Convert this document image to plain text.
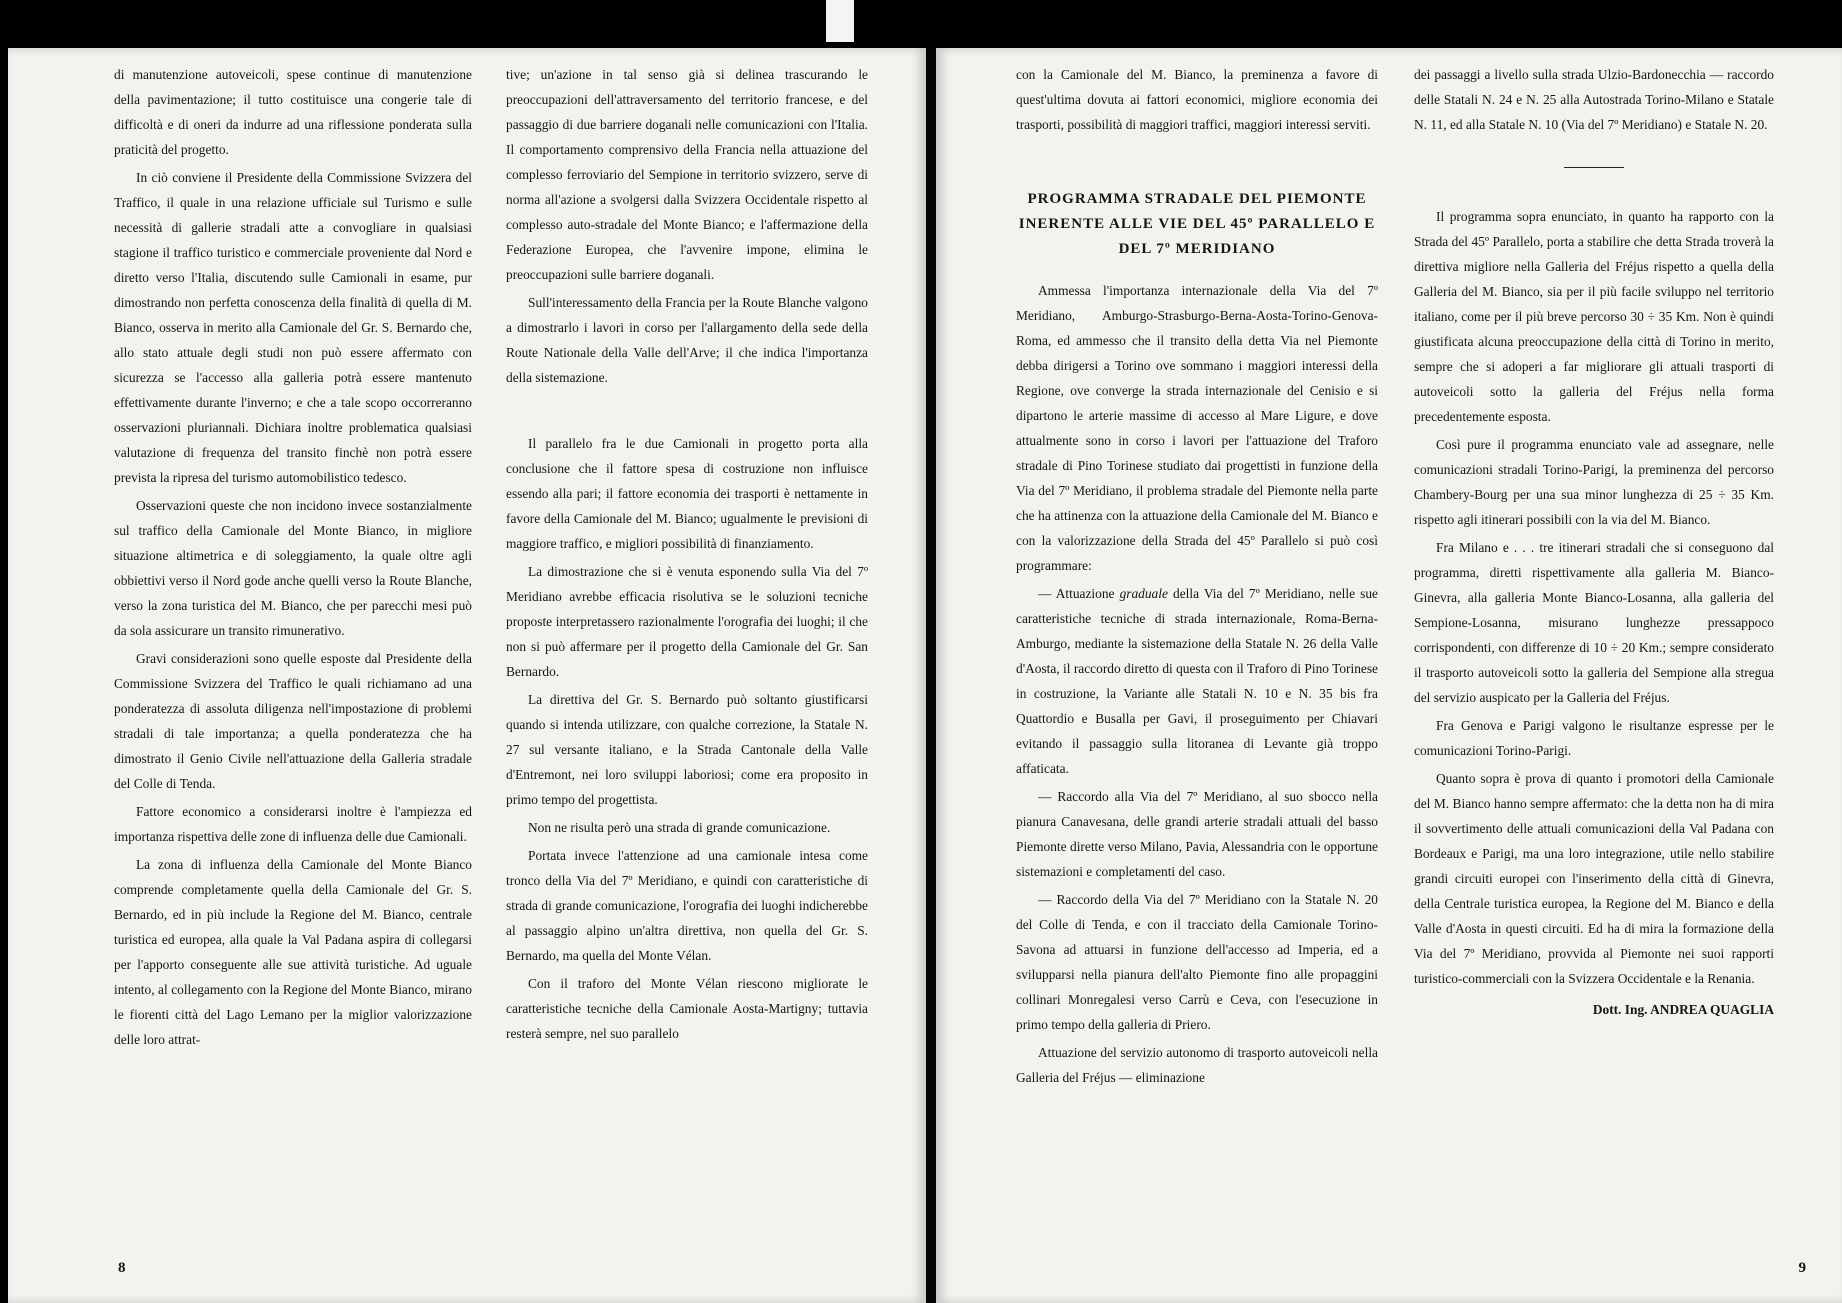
di manutenzione autoveicoli, spese continue di manutenzione della pavimentazione; il tutto costituisce una congerie tale di difficoltà e di oneri da indurre ad una riflessione ponderata sulla praticità del progetto.

In ciò conviene il Presidente della Commissione Svizzera del Traffico, il quale in una relazione ufficiale sul Turismo e sulle necessità di gallerie stradali atte a convogliare in qualsiasi stagione il traffico turistico e commerciale proveniente dal Nord e diretto verso l'Italia, discutendo sulle Camionali in esame, pur dimostrando non perfetta conoscenza della finalità di quella di M. Bianco, osserva in merito alla Camionale del Gr. S. Bernardo che, allo stato attuale degli studi non può essere affermato con sicurezza se l'accesso alla galleria potrà essere mantenuto effettivamente durante l'inverno; e che a tale scopo occorreranno osservazioni pluriannali. Dichiara inoltre problematica qualsiasi valutazione di frequenza del transito finchè non potrà essere prevista la ripresa del turismo automobilistico tedesco.

Osservazioni queste che non incidono invece sostanzialmente sul traffico della Camionale del Monte Bianco, in migliore situazione altimetrica e di soleggiamento, la quale oltre agli obbiettivi verso il Nord gode anche quelli verso la Route Blanche, verso la zona turistica del M. Bianco, che per parecchi mesi può da sola assicurare un transito rimunerativo.

Gravi considerazioni sono quelle esposte dal Presidente della Commissione Svizzera del Traffico le quali richiamano ad una ponderatezza di assoluta diligenza nell'impostazione di problemi stradali di tale importanza; a quella ponderatezza che ha dimostrato il Genio Civile nell'attuazione della Galleria stradale del Colle di Tenda.

Fattore economico a considerarsi inoltre è l'ampiezza ed importanza rispettiva delle zone di influenza delle due Camionali.

La zona di influenza della Camionale del Monte Bianco comprende completamente quella della Camionale del Gr. S. Bernardo, ed in più include la Regione del M. Bianco, centrale turistica ed europea, alla quale la Val Padana aspira di collegarsi per l'apporto conseguente alle sue attività turistiche. Ad uguale intento, al collegamento con la Regione del Monte Bianco, mirano le fiorenti città del Lago Lemano per la miglior valorizzazione delle loro attrat-

tive; un'azione in tal senso già si delinea trascurando le preoccupazioni dell'attraversamento del territorio francese, e del passaggio di due barriere doganali nelle comunicazioni con l'Italia. Il comportamento comprensivo della Francia nella attuazione del complesso ferroviario del Sempione in territorio svizzero, serve di norma all'azione a svolgersi dalla Svizzera Occidentale rispetto al complesso auto-stradale del Monte Bianco; e l'affermazione della Federazione Europea, che l'avvenire impone, elimina le preoccupazioni sulle barriere doganali.

Sull'interessamento della Francia per la Route Blanche valgono a dimostrarlo i lavori in corso per l'allargamento della sede della Route Nationale della Valle dell'Arve; il che indica l'importanza della sistemazione.

Il parallelo fra le due Camionali in progetto porta alla conclusione che il fattore spesa di costruzione non influisce essendo alla pari; il fattore economia dei trasporti è nettamente in favore della Camionale del M. Bianco; ugualmente le previsioni di maggiore traffico, e migliori possibilità di finanziamento.

La dimostrazione che si è venuta esponendo sulla Via del 7º Meridiano avrebbe efficacia risolutiva se le soluzioni tecniche proposte interpretassero razionalmente l'orografia dei luoghi; il che non si può affermare per il progetto della Camionale del Gr. San Bernardo.

La direttiva del Gr. S. Bernardo può soltanto giustificarsi quando si intenda utilizzare, con qualche correzione, la Statale N. 27 sul versante italiano, e la Strada Cantonale della Valle d'Entremont, nei loro sviluppi laboriosi; come era proposito in primo tempo del progettista.

Non ne risulta però una strada di grande comunicazione.

Portata invece l'attenzione ad una camionale intesa come tronco della Via del 7º Meridiano, e quindi con caratteristiche di strada di grande comunicazione, l'orografia dei luoghi indicherebbe al passaggio alpino un'altra direttiva, non quella del Gr. S. Bernardo, ma quella del Monte Vélan.

Con il traforo del Monte Vélan riescono migliorate le caratteristiche tecniche della Camionale Aosta-Martigny; tuttavia resterà sempre, nel suo parallelo

8

con la Camionale del M. Bianco, la preminenza a favore di quest'ultima dovuta ai fattori economici, migliore economia dei trasporti, possibilità di maggiori traffici, maggiori interessi serviti.

PROGRAMMA STRADALE DEL PIEMONTE INERENTE ALLE VIE DEL 45º PARALLELO E DEL 7º MERIDIANO

Ammessa l'importanza internazionale della Via del 7º Meridiano, Amburgo-Strasburgo-Berna-Aosta-Torino-Genova-Roma, ed ammesso che il transito della detta Via nel Piemonte debba dirigersi a Torino ove sommano i maggiori interessi della Regione, ove converge la strada internazionale del Cenisio e si dipartono le arterie massime di accesso al Mare Ligure, e dove attualmente sono in corso i lavori per l'attuazione del Traforo stradale di Pino Torinese studiato dai progettisti in funzione della Via del 7º Meridiano, il problema stradale del Piemonte nella parte che ha attinenza con la attuazione della Camionale del M. Bianco e con la valorizzazione della Strada del 45º Parallelo si può così programmare:

— Attuazione graduale della Via del 7º Meridiano, nelle sue caratteristiche tecniche di strada internazionale, Roma-Berna-Amburgo, mediante la sistemazione della Statale N. 26 della Valle d'Aosta, il raccordo diretto di questa con il Traforo di Pino Torinese in costruzione, la Variante alle Statali N. 10 e N. 35 bis fra Quattordio e Busalla per Gavi, il proseguimento per Chiavari evitando il passaggio sulla litoranea di Levante già troppo affaticata.

— Raccordo alla Via del 7º Meridiano, al suo sbocco nella pianura Canavesana, delle grandi arterie stradali attuali del basso Piemonte dirette verso Milano, Pavia, Alessandria con le opportune sistemazioni e completamenti del caso.

— Raccordo della Via del 7º Meridiano con la Statale N. 20 del Colle di Tenda, e con il tracciato della Camionale Torino-Savona ad attuarsi in funzione dell'accesso ad Imperia, ed a svilupparsi nella pianura dell'alto Piemonte fino alle propaggini collinari Monregalesi verso Carrù e Ceva, con l'esecuzione in primo tempo della galleria di Priero.

Attuazione del servizio autonomo di trasporto autoveicoli nella Galleria del Fréjus — eliminazione

dei passaggi a livello sulla strada Ulzio-Bardonecchia — raccordo delle Statali N. 24 e N. 25 alla Autostrada Torino-Milano e Statale N. 11, ed alla Statale N. 10 (Via del 7º Meridiano) e Statale N. 20.

Il programma sopra enunciato, in quanto ha rapporto con la Strada del 45º Parallelo, porta a stabilire che detta Strada troverà la direttiva migliore nella Galleria del Fréjus rispetto a quella della Galleria del M. Bianco, sia per il più facile sviluppo nel territorio italiano, come per il più breve percorso 30 ÷ 35 Km. Non è quindi giustificata alcuna preoccupazione della città di Torino in merito, sempre che si adoperi a far migliorare gli attuali trasporti di autoveicoli sotto la galleria del Fréjus nella forma precedentemente esposta.

Così pure il programma enunciato vale ad assegnare, nelle comunicazioni stradali Torino-Parigi, la preminenza del percorso Chambery-Bourg per una sua minor lunghezza di 25 ÷ 35 Km. rispetto agli itinerari possibili con la via del M. Bianco.

Fra Milano e . . . tre itinerari stradali che si conseguono dal programma, diretti rispettivamente alla galleria M. Bianco-Ginevra, alla galleria Monte Bianco-Losanna, alla galleria del Sempione-Losanna, misurano lunghezze pressappoco corrispondenti, con differenze di 10 ÷ 20 Km.; sempre considerato il trasporto autoveicoli sotto la galleria del Sempione alla stregua del servizio auspicato per la Galleria del Fréjus.

Fra Genova e Parigi valgono le risultanze espresse per le comunicazioni Torino-Parigi.

Quanto sopra è prova di quanto i promotori della Camionale del M. Bianco hanno sempre affermato: che la detta non ha di mira il sovvertimento delle attuali comunicazioni della Val Padana con Bordeaux e Parigi, ma una loro integrazione, utile nello stabilire grandi circuiti europei con l'inserimento della città di Ginevra, della Centrale turistica europea, la Regione del M. Bianco e della Valle d'Aosta in questi circuiti. Ed ha di mira la formazione della Via del 7º Meridiano, provvida al Piemonte nei suoi rapporti turistico-commerciali con la Svizzera Occidentale e la Renania.

Dott. Ing. ANDREA QUAGLIA
9
